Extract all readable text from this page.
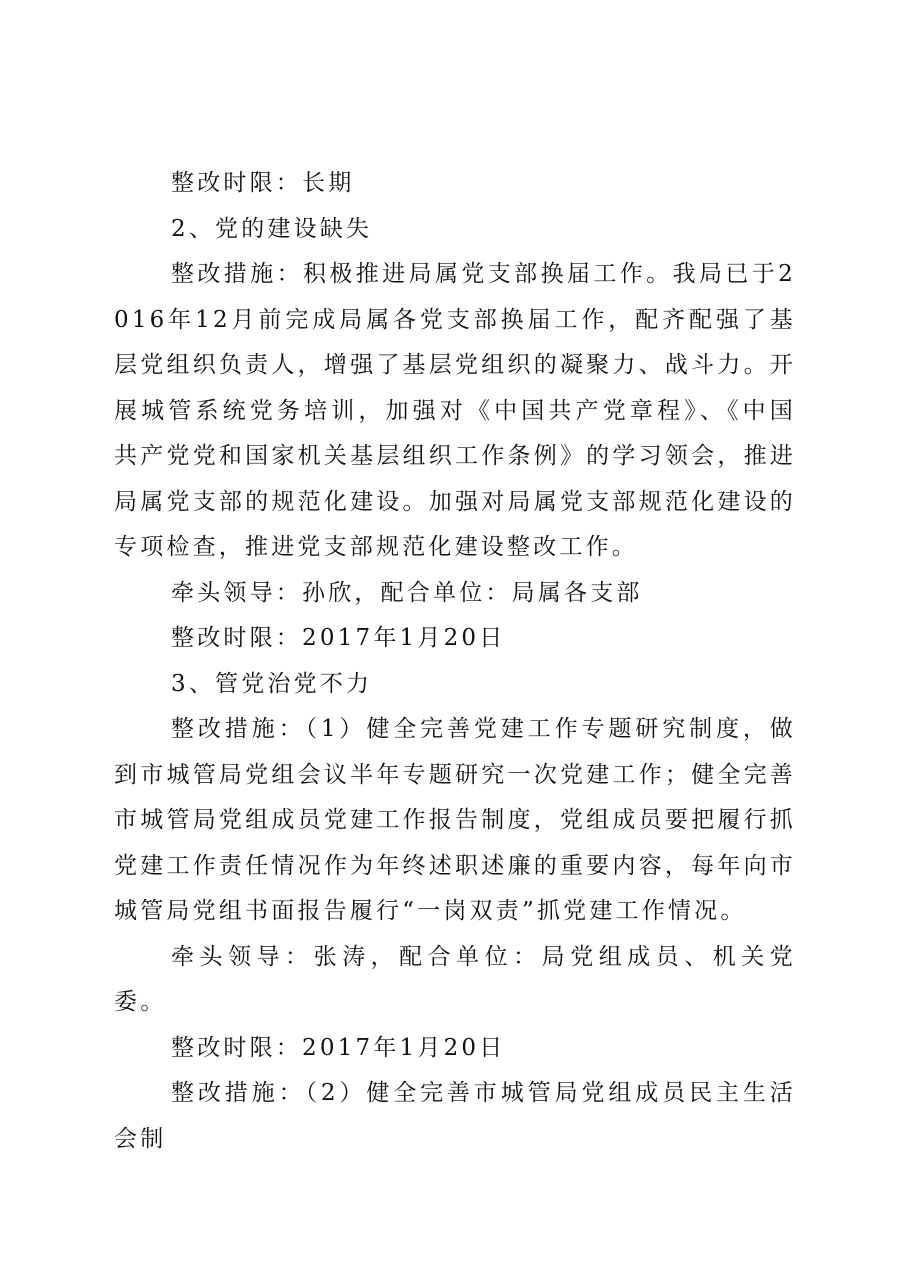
整改时限：长期

2、党的建设缺失

整改措施：积极推进局属党支部换届工作。我局已于2016年12月前完成局属各党支部换届工作，配齐配强了基层党组织负责人，增强了基层党组织的凝聚力、战斗力。开展城管系统党务培训，加强对《中国共产党章程》、《中国共产党党和国家机关基层组织工作条例》的学习领会，推进局属党支部的规范化建设。加强对局属党支部规范化建设的专项检查，推进党支部规范化建设整改工作。

牵头领导：孙欣，配合单位：局属各支部

整改时限：2017年1月20日

3、管党治党不力

整改措施：（1）健全完善党建工作专题研究制度，做到市城管局党组会议半年专题研究一次党建工作；健全完善市城管局党组成员党建工作报告制度，党组成员要把履行抓党建工作责任情况作为年终述职述廉的重要内容，每年向市城管局党组书面报告履行“一岗双责”抓党建工作情况。

牵头领导：张涛，配合单位：局党组成员、机关党委。

整改时限：2017年1月20日

整改措施：（2）健全完善市城管局党组成员民主生活会制
